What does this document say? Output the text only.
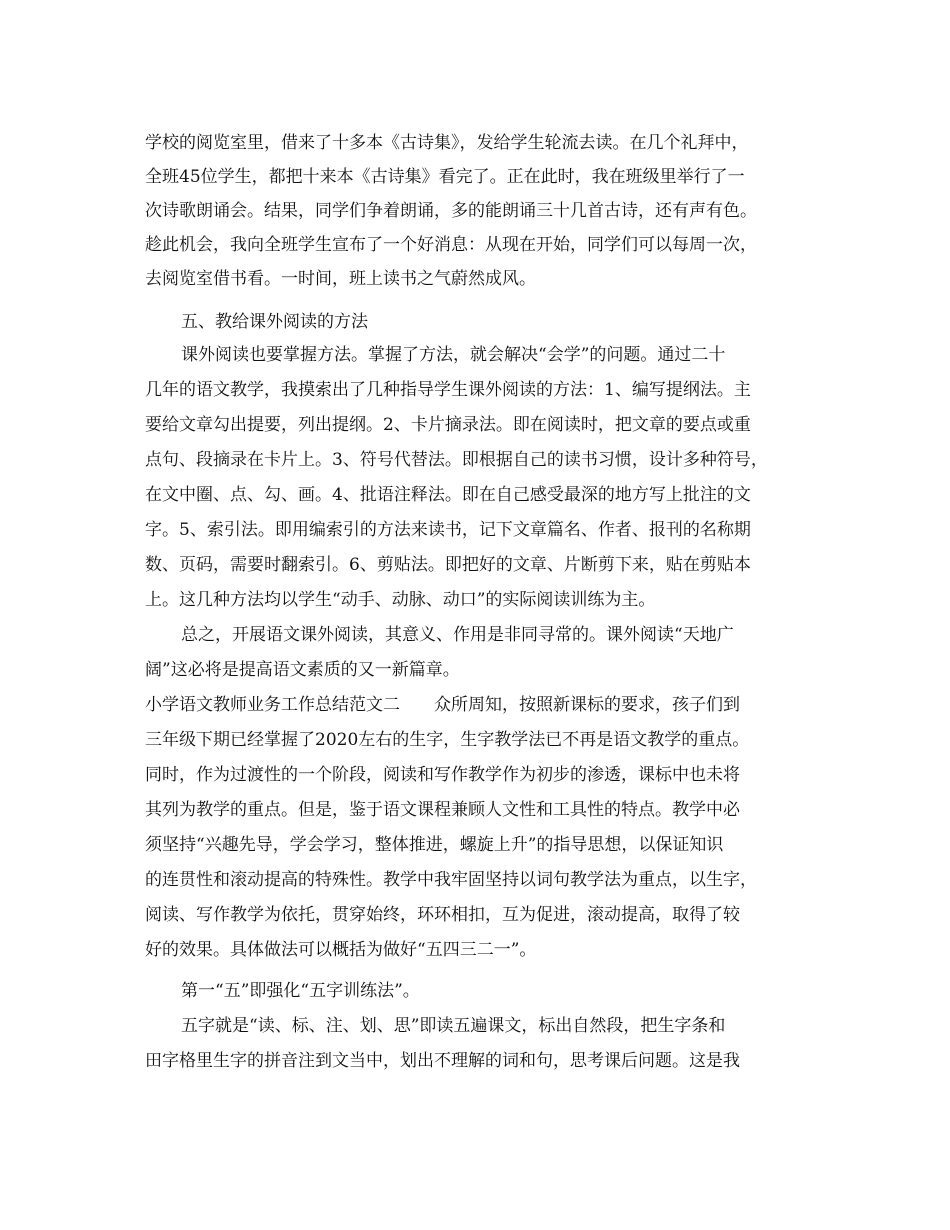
学校的阅览室里，借来了十多本《古诗集》，发给学生轮流去读。在几个礼拜中，
全班45位学生，都把十来本《古诗集》看完了。正在此时，我在班级里举行了一
次诗歌朗诵会。结果，同学们争着朗诵，多的能朗诵三十几首古诗，还有声有色。
趁此机会，我向全班学生宣布了一个好消息：从现在开始，同学们可以每周一次，
去阅览室借书看。一时间，班上读书之气蔚然成风。
五、教给课外阅读的方法
课外阅读也要掌握方法。掌握了方法，就会解决“会学”的问题。通过二十
几年的语文教学，我摸索出了几种指导学生课外阅读的方法：1、编写提纲法。主
要给文章勾出提要，列出提纲。2、卡片摘录法。即在阅读时，把文章的要点或重
点句、段摘录在卡片上。3、符号代替法。即根据自己的读书习惯，设计多种符号，
在文中圈、点、勾、画。4、批语注释法。即在自己感受最深的地方写上批注的文
字。5、索引法。即用编索引的方法来读书，记下文章篇名、作者、报刊的名称期
数、页码，需要时翻索引。6、剪贴法。即把好的文章、片断剪下来，贴在剪贴本
上。这几种方法均以学生“动手、动脉、动口”的实际阅读训练为主。
总之，开展语文课外阅读，其意义、作用是非同寻常的。课外阅读“天地广
阔”这必将是提高语文素质的又一新篇章。
小学语文教师业务工作总结范文二　　众所周知，按照新课标的要求，孩子们到
三年级下期已经掌握了2020左右的生字，生字教学法已不再是语文教学的重点。
同时，作为过渡性的一个阶段，阅读和写作教学作为初步的渗透，课标中也未将
其列为教学的重点。但是，鉴于语文课程兼顾人文性和工具性的特点。教学中必
须坚持“兴趣先导，学会学习，整体推进，螺旋上升”的指导思想，以保证知识
的连贯性和滚动提高的特殊性。教学中我牢固坚持以词句教学法为重点，以生字，
阅读、写作教学为依托，贯穿始终，环环相扣，互为促进，滚动提高，取得了较
好的效果。具体做法可以概括为做好“五四三二一”。
第一“五”即强化“五字训练法”。
五字就是“读、标、注、划、思”即读五遍课文，标出自然段，把生字条和
田字格里生字的拼音注到文当中，划出不理解的词和句，思考课后问题。这是我
